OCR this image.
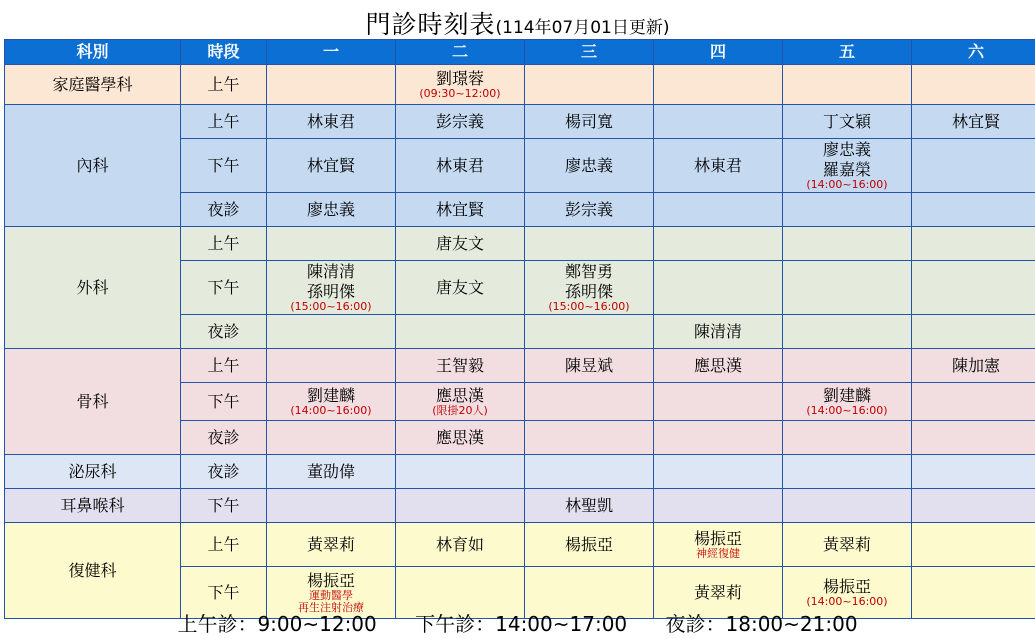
門診時刻表(114年07月01日更新)
科別	時段	一	二	三	四	五	六
家庭醫學科	上午		劉璟蓉
(09:30~12:00)				

內科	上午	林東君	彭宗義	楊司寬		丁文穎	林宜賢

	下午	林宜賢	林東君	廖忠義	林東君	廖忠義
羅嘉榮
(14:00~16:00)	

	夜診	廖忠義	林宜賢	彭宗義			

外科	上午		唐友文				

	下午	陳清清
孫明傑
(15:00~16:00)	唐友文	鄭智勇
孫明傑
(15:00~16:00)			

	夜診				陳清清		

骨科	上午		王智毅	陳昱斌	應思漢		陳加憲

	下午	劉建麟
(14:00~16:00)	應思漢
(限掛20人)			劉建麟
(14:00~16:00)	

	夜診		應思漢				

泌尿科	夜診	董劭偉					

耳鼻喉科	下午			林聖凱			

復健科	上午	黃翠莉	林育如	楊振亞	楊振亞
神經復健	黃翠莉	

	下午	楊振亞
運動醫學
再生注射治療			黃翠莉	楊振亞
(14:00~16:00)	

上午診：9:00~12:00 下午診：14:00~17:00 夜診：18:00~21:00
